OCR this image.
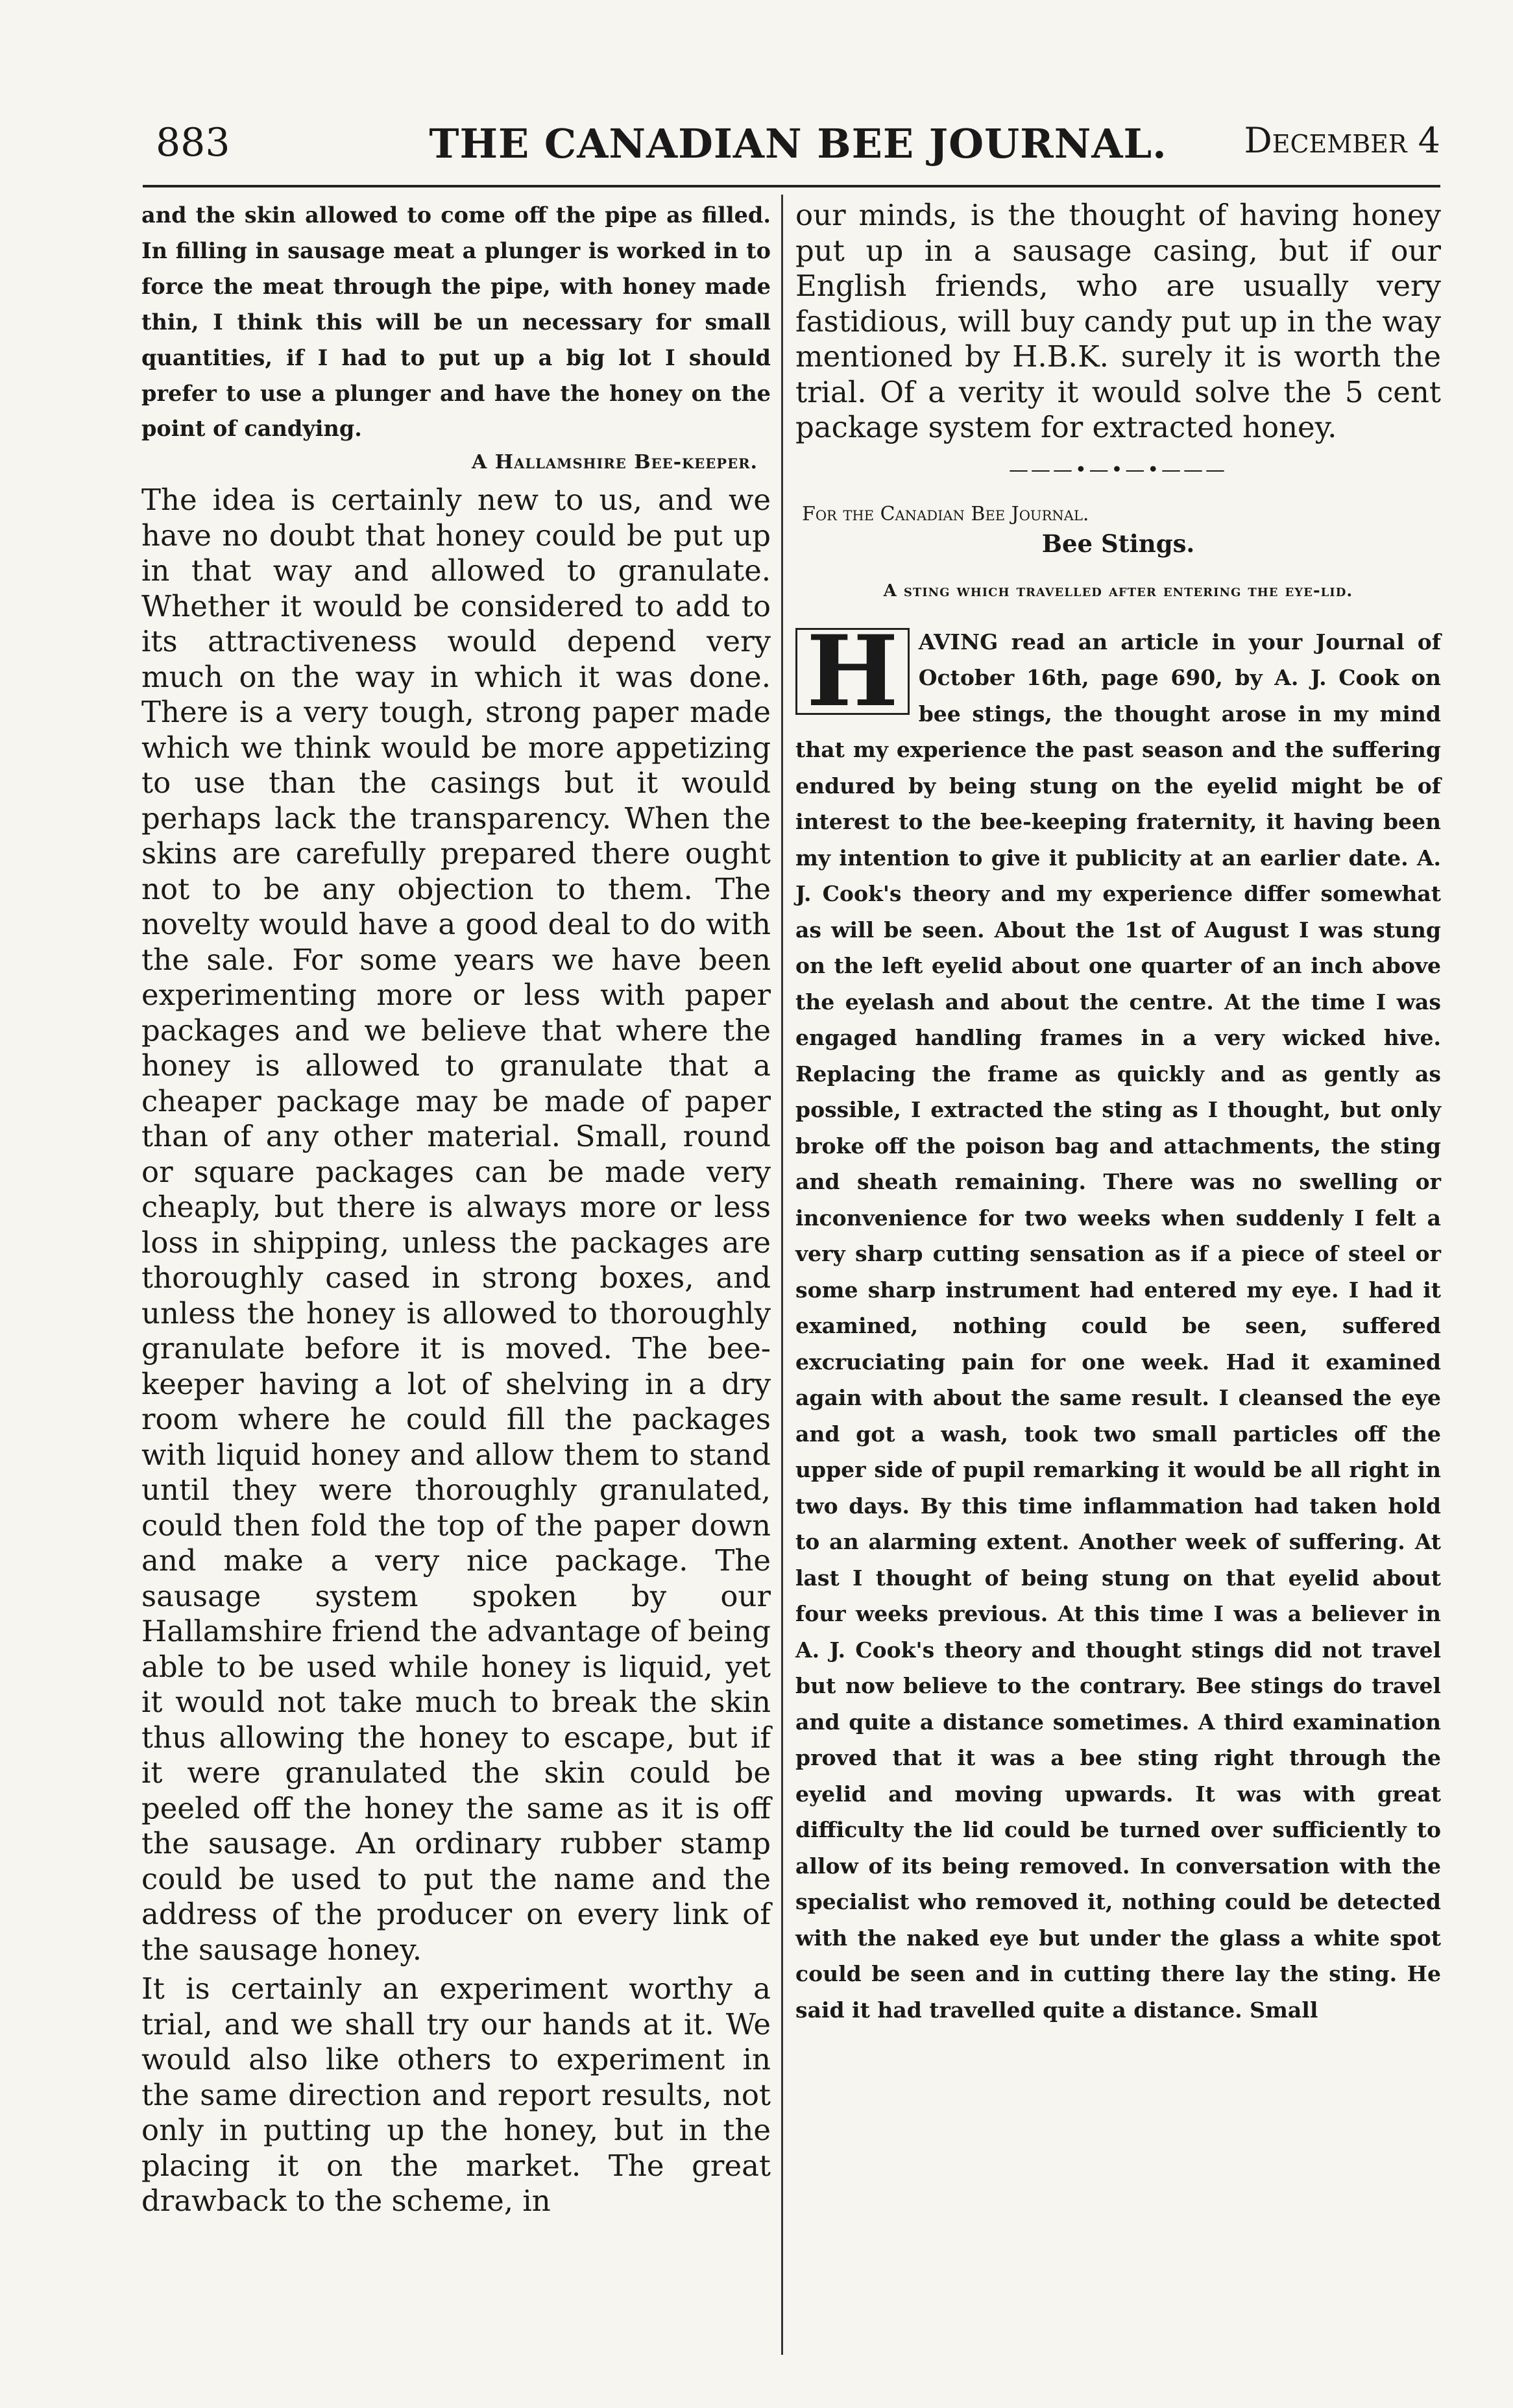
883	THE CANADIAN BEE JOURNAL.	December 4

and the skin allowed to come off the pipe as filled. In filling in sausage meat a plunger is worked in to force the meat through the pipe, with honey made thin, I think this will be un necessary for small quantities, if I had to put up a big lot I should prefer to use a plunger and have the honey on the point of candying.

A Hallamshire Bee-keeper.

The idea is certainly new to us, and we have no doubt that honey could be put up in that way and allowed to granulate. Whether it would be considered to add to its attractiveness would depend very much on the way in which it was done. There is a very tough, strong paper made which we think would be more appetizing to use than the casings but it would perhaps lack the transparency. When the skins are carefully prepared there ought not to be any objection to them. The novelty would have a good deal to do with the sale. For some years we have been experimenting more or less with paper packages and we believe that where the honey is allowed to granulate that a cheaper package may be made of paper than of any other material. Small, round or square packages can be made very cheaply, but there is always more or less loss in shipping, unless the packages are thoroughly cased in strong boxes, and unless the honey is allowed to thoroughly granulate before it is moved. The bee-keeper having a lot of shelving in a dry room where he could fill the packages with liquid honey and allow them to stand until they were thoroughly granulated, could then fold the top of the paper down and make a very nice package. The sausage system spoken by our Hallamshire friend the advantage of being able to be used while honey is liquid, yet it would not take much to break the skin thus allowing the honey to escape, but if it were granulated the skin could be peeled off the honey the same as it is off the sausage. An ordinary rubber stamp could be used to put the name and the address of the producer on every link of the sausage honey.

It is certainly an experiment worthy a trial, and we shall try our hands at it. We would also like others to experiment in the same direction and report results, not only in putting up the honey, but in the placing it on the market. The great drawback to the scheme, in

our minds, is the thought of having honey put up in a sausage casing, but if our English friends, who are usually very fastidious, will buy candy put up in the way mentioned by H.B.K. surely it is worth the trial. Of a verity it would solve the 5 cent package system for extracted honey.

———•—•—•———
For the Canadian Bee Journal.
Bee Stings.
A sting which travelled after entering the eye-lid.
H AVING read an article in your Journal of October 16th, page 690, by A. J. Cook on bee stings, the thought arose in my mind that my experience the past season and the suffering endured by being stung on the eyelid might be of interest to the bee-keeping fraternity, it having been my intention to give it publicity at an earlier date. A. J. Cook's theory and my experience differ somewhat as will be seen. About the 1st of August I was stung on the left eyelid about one quarter of an inch above the eyelash and about the centre. At the time I was engaged handling frames in a very wicked hive. Replacing the frame as quickly and as gently as possible, I extracted the sting as I thought, but only broke off the poison bag and attachments, the sting and sheath remaining. There was no swelling or inconvenience for two weeks when suddenly I felt a very sharp cutting sensation as if a piece of steel or some sharp instrument had entered my eye. I had it examined, nothing could be seen, suffered excruciating pain for one week. Had it examined again with about the same result. I cleansed the eye and got a wash, took two small particles off the upper side of pupil remarking it would be all right in two days. By this time inflammation had taken hold to an alarming extent. Another week of suffering. At last I thought of being stung on that eyelid about four weeks previous. At this time I was a believer in A. J. Cook's theory and thought stings did not travel but now believe to the contrary. Bee stings do travel and quite a distance sometimes. A third examination proved that it was a bee sting right through the eyelid and moving upwards. It was with great difficulty the lid could be turned over sufficiently to allow of its being removed. In conversation with the specialist who removed it, nothing could be detected with the naked eye but under the glass a white spot could be seen and in cutting there lay the sting. He said it had travelled quite a distance. Small
